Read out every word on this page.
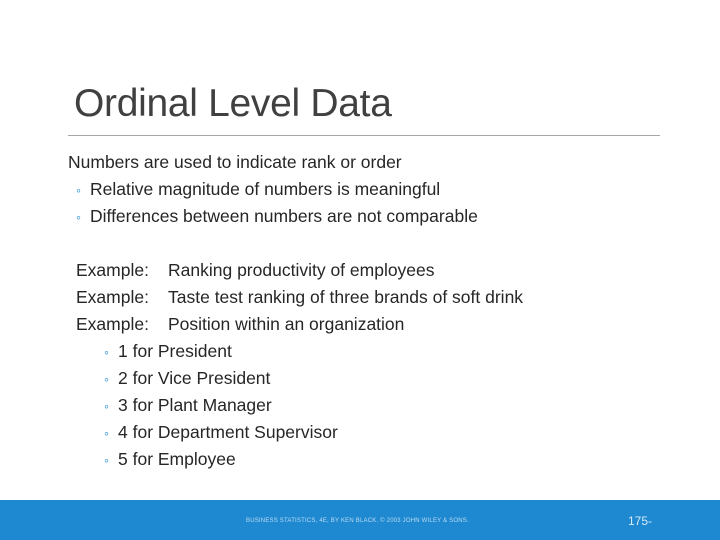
Ordinal Level Data
Numbers are used to indicate rank or order
◦ Relative magnitude of numbers is meaningful
◦ Differences between numbers are not comparable
Example: Ranking productivity of employees
Example: Taste test ranking of three brands of soft drink
Example: Position within an organization
◦ 1 for President
◦ 2 for Vice President
◦ 3 for Plant Manager
◦ 4 for Department Supervisor
◦ 5 for Employee
BUSINESS STATISTICS, 4E, BY KEN BLACK. © 2003 JOHN WILEY & SONS.	175-
